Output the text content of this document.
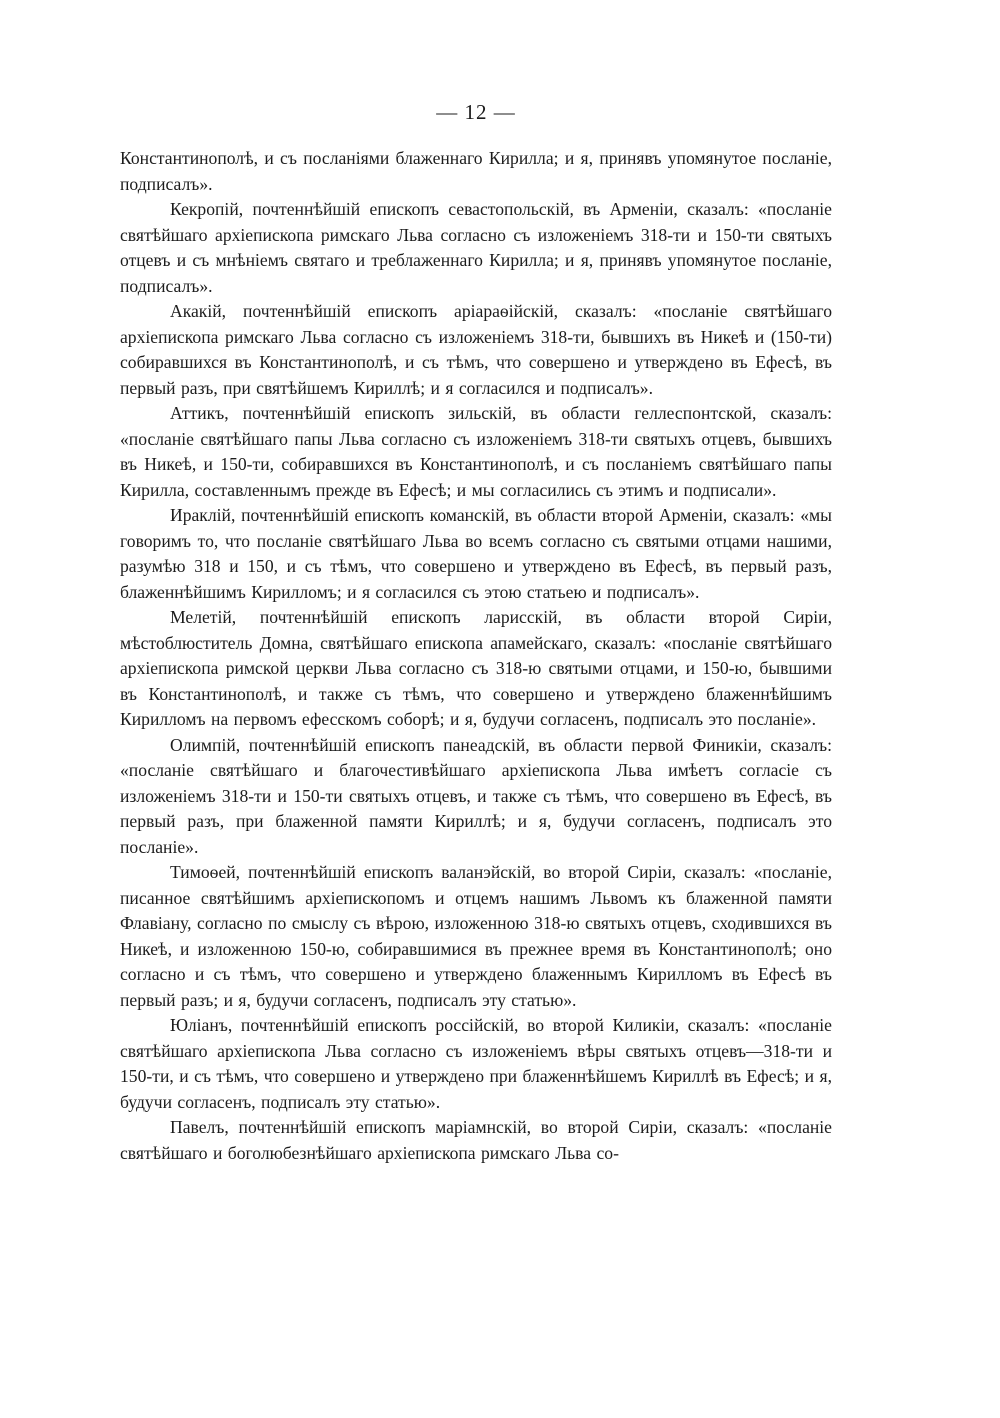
— 12 —

Константинополѣ, и съ посланіями блаженнаго Кирилла; и я, принявъ упомянутое посланіе, подписалъ».

Кекропій, почтеннѣйшій епископъ севастопольскій, въ Арменіи, сказалъ: «посланіе святѣйшаго архіепископа римскаго Льва согласно съ изложеніемъ 318-ти и 150-ти святыхъ отцевъ и съ мнѣніемъ святаго и треблаженнаго Кирилла; и я, принявъ упомянутое посланіе, подписалъ».

Акакій, почтеннѣйшій епископъ аріараѳійскій, сказалъ: «посланіе святѣйшаго архіепископа римскаго Льва согласно съ изложеніемъ 318-ти, бывшихъ въ Никеѣ и (150-ти) собиравшихся въ Константинополѣ, и съ тѣмъ, что совершено и утверждено въ Ефесѣ, въ первый разъ, при святѣйшемъ Кириллѣ; и я согласился и подписалъ».

Аттикъ, почтеннѣйшій епископъ зильскій, въ области геллеспонтской, сказалъ: «посланіе святѣйшаго папы Льва согласно съ изложеніемъ 318-ти святыхъ отцевъ, бывшихъ въ Никеѣ, и 150-ти, собиравшихся въ Константинополѣ, и съ посланіемъ святѣйшаго папы Кирилла, составленнымъ прежде въ Ефесѣ; и мы согласились съ этимъ и подписали».

Ираклій, почтеннѣйшій епископъ команскій, въ области второй Арменіи, сказалъ: «мы говоримъ то, что посланіе святѣйшаго Льва во всемъ согласно съ святыми отцами нашими, разумѣю 318 и 150, и съ тѣмъ, что совершено и утверждено въ Ефесѣ, въ первый разъ, блаженнѣйшимъ Кирилломъ; и я согласился съ этою статьею и подписалъ».

Мелетій, почтеннѣйшій епископъ ларисскій, въ области второй Сиріи, мѣстоблюститель Домна, святѣйшаго епископа апамейскаго, сказалъ: «посланіе святѣйшаго архіепископа римской церкви Льва согласно съ 318-ю святыми отцами, и 150-ю, бывшими въ Константинополѣ, и также съ тѣмъ, что совершено и утверждено блаженнѣйшимъ Кирилломъ на первомъ ефесскомъ соборѣ; и я, будучи согласенъ, подписалъ это посланіе».

Олимпій, почтеннѣйшій епископъ панеадскій, въ области первой Финикіи, сказалъ: «посланіе святѣйшаго и благочестивѣйшаго архіепископа Льва имѣетъ согласіе съ изложеніемъ 318-ти и 150-ти святыхъ отцевъ, и также съ тѣмъ, что совершено въ Ефесѣ, въ первый разъ, при блаженной памяти Кириллѣ; и я, будучи согласенъ, подписалъ это посланіе».

Тимоѳей, почтеннѣйшій епископъ валанэйскій, во второй Сиріи, сказалъ: «посланіе, писанное святѣйшимъ архіепископомъ и отцемъ нашимъ Львомъ къ блаженной памяти Флавіану, согласно по смыслу съ вѣрою, изложенною 318-ю святыхъ отцевъ, сходившихся въ Никеѣ, и изложенною 150-ю, собиравшимися въ прежнее время въ Константинополѣ; оно согласно и съ тѣмъ, что совершено и утверждено блаженнымъ Кирилломъ въ Ефесѣ въ первый разъ; и я, будучи согласенъ, подписалъ эту статью».

Юліанъ, почтеннѣйшій епископъ россійскій, во второй Киликіи, сказалъ: «посланіе святѣйшаго архіепископа Льва согласно съ изложеніемъ вѣры святыхъ отцевъ—318-ти и 150-ти, и съ тѣмъ, что совершено и утверждено при блаженнѣйшемъ Кириллѣ въ Ефесѣ; и я, будучи согласенъ, подписалъ эту статью».

Павелъ, почтеннѣйшій епископъ маріамнскій, во второй Сиріи, сказалъ: «посланіе святѣйшаго и боголюбезнѣйшаго архіепископа римскаго Льва со-
